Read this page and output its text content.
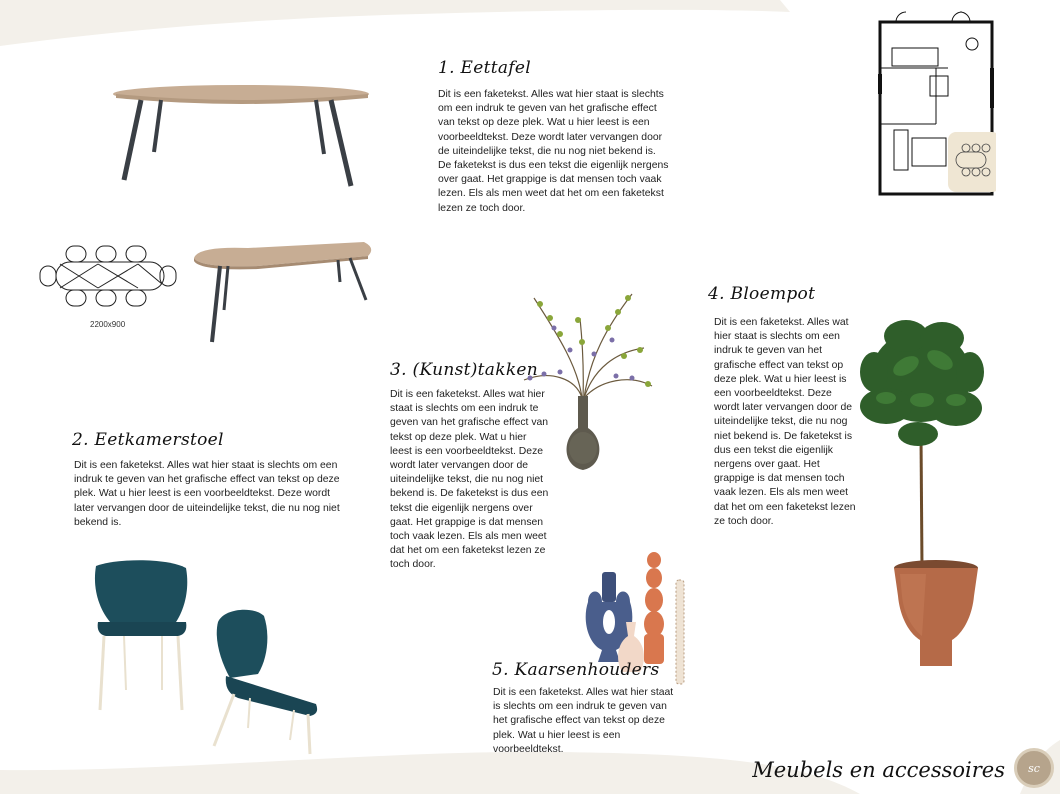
2200x900
1. Eettafel
Dit is een faketekst. Alles wat hier staat is slechts om een indruk te geven van het grafische effect van tekst op deze plek. Wat u hier leest is een voorbeeldtekst. Deze wordt later vervangen door de uiteindelijke tekst, die nu nog niet bekend is. De faketekst is dus een tekst die eigenlijk nergens over gaat. Het grappige is dat mensen toch vaak lezen. Els als men weet dat het om een faketekst lezen ze toch door.
2. Eetkamerstoel
Dit is een faketekst. Alles wat hier staat is slechts om een indruk te geven van het grafische effect van tekst op deze plek. Wat u hier leest is een voorbeeldtekst. Deze wordt later vervangen door de uiteindelijke tekst, die nu nog niet bekend is.
3. (Kunst)takken
Dit is een faketekst. Alles wat hier staat is slechts om een indruk te geven van het grafische effect van tekst op deze plek. Wat u hier leest is een voorbeeldtekst. Deze wordt later vervangen door de uiteindelijke tekst, die nu nog niet bekend is. De faketekst is dus een tekst die eigenlijk nergens over gaat. Het grappige is dat mensen toch vaak lezen. Els als men weet dat het om een faketekst lezen ze toch door.
4. Bloempot
Dit is een faketekst. Alles wat hier staat is slechts om een indruk te geven van het grafische effect van tekst op deze plek. Wat u hier leest is een voorbeeldtekst. Deze wordt later vervangen door de uiteindelijke tekst, die nu nog niet bekend is. De faketekst is dus een tekst die eigenlijk nergens over gaat. Het grappige is dat mensen toch vaak lezen. Els als men weet dat het om een faketekst lezen ze toch door.
5. Kaarsenhouders
Dit is een faketekst. Alles wat hier staat is slechts om een indruk te geven van het grafische effect van tekst op deze plek. Wat u hier leest is een voorbeeldtekst.
Meubels en accessoires sc
